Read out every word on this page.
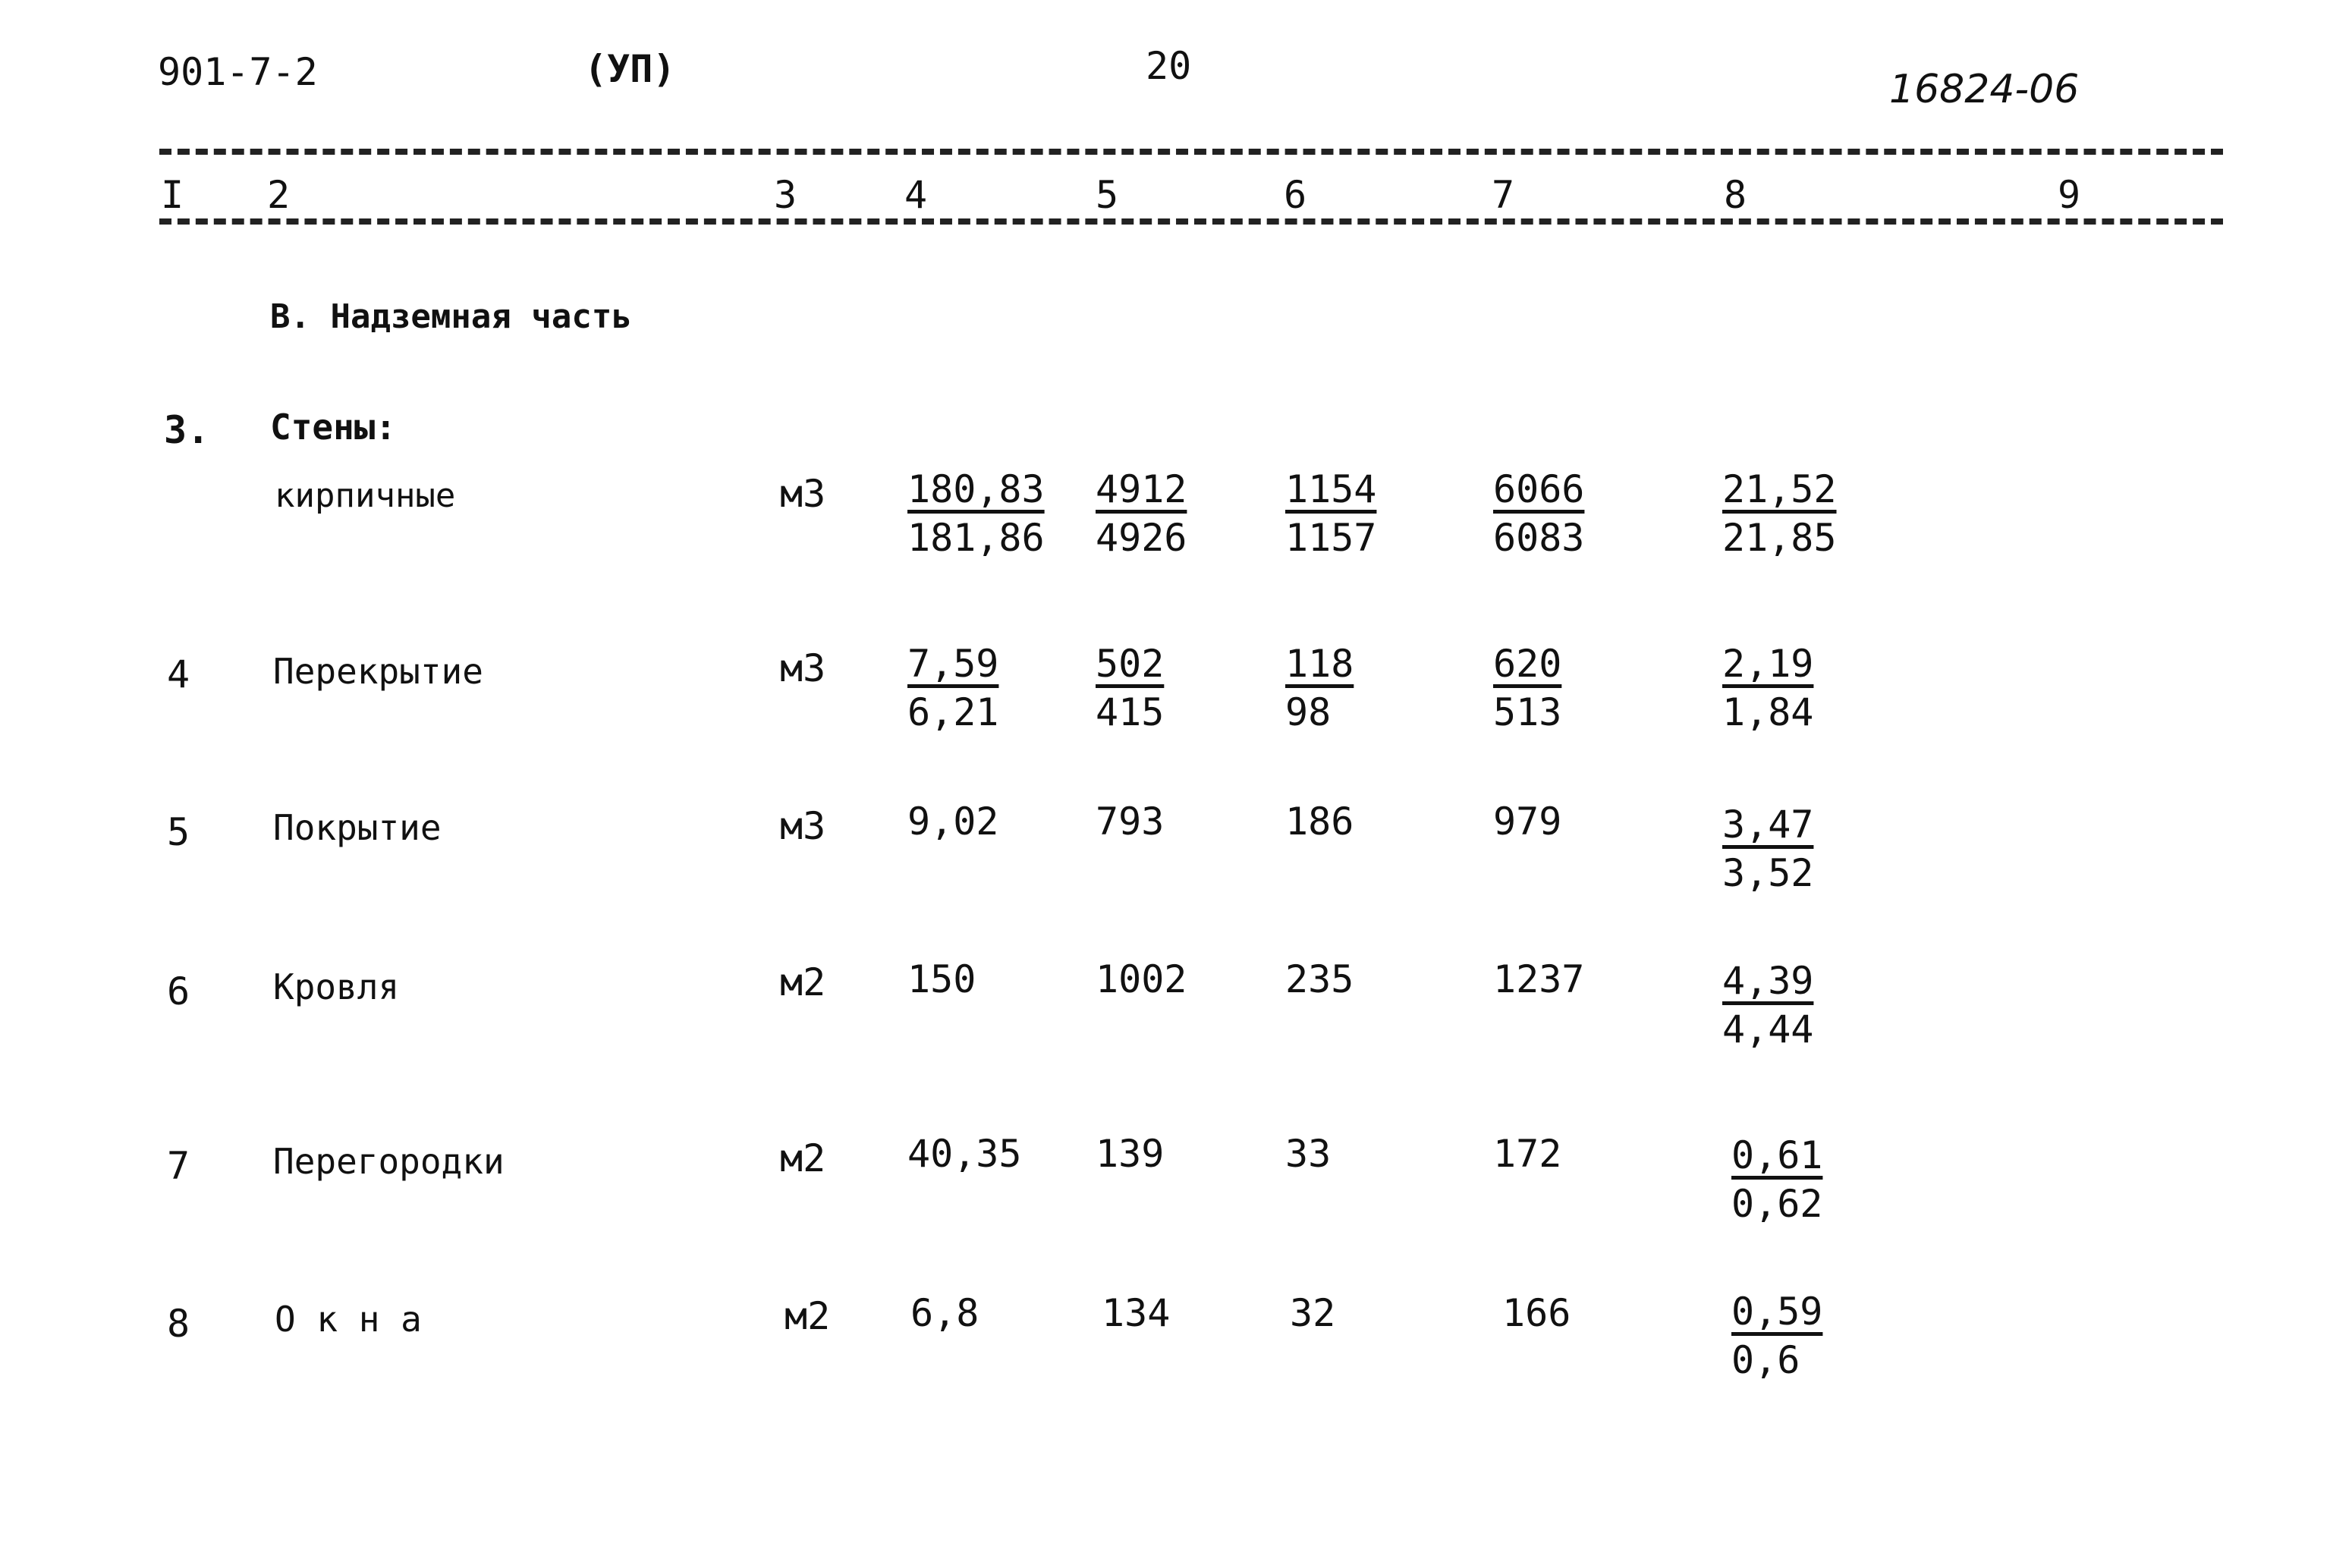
901-7-2	(УП)	20
16824-06
I 2	3	4	5	6	7	8	9
В. Надземная часть
3. Стены:
кирпичные	$м3 \frac{180,83}{181,86} \frac{4912}{4926}$	$\frac{1154}{1157}$	$\frac{6066}{6083}$	$\frac{21,52}{21,85}$
4 Перекрытие	$м3 \frac{7,59}{6,21}$	$\frac{502}{415}$	$\frac{118}{98}$	$\frac{620}{513}$	$\frac{2,19}{1,84}$
5 Покрытие	м3 9,02	793	186	979	$\frac{3,47}{3,52}$
6 Кровля	м2 150	1002	235	1237	$\frac{4,39}{4,44}$
7 Перегородки	м2 40,35 139	33	172	$\frac{0,61}{0,62}$
8 О к н а	м2 6,8	134	32	166	$\frac{0,59}{0,6}$
